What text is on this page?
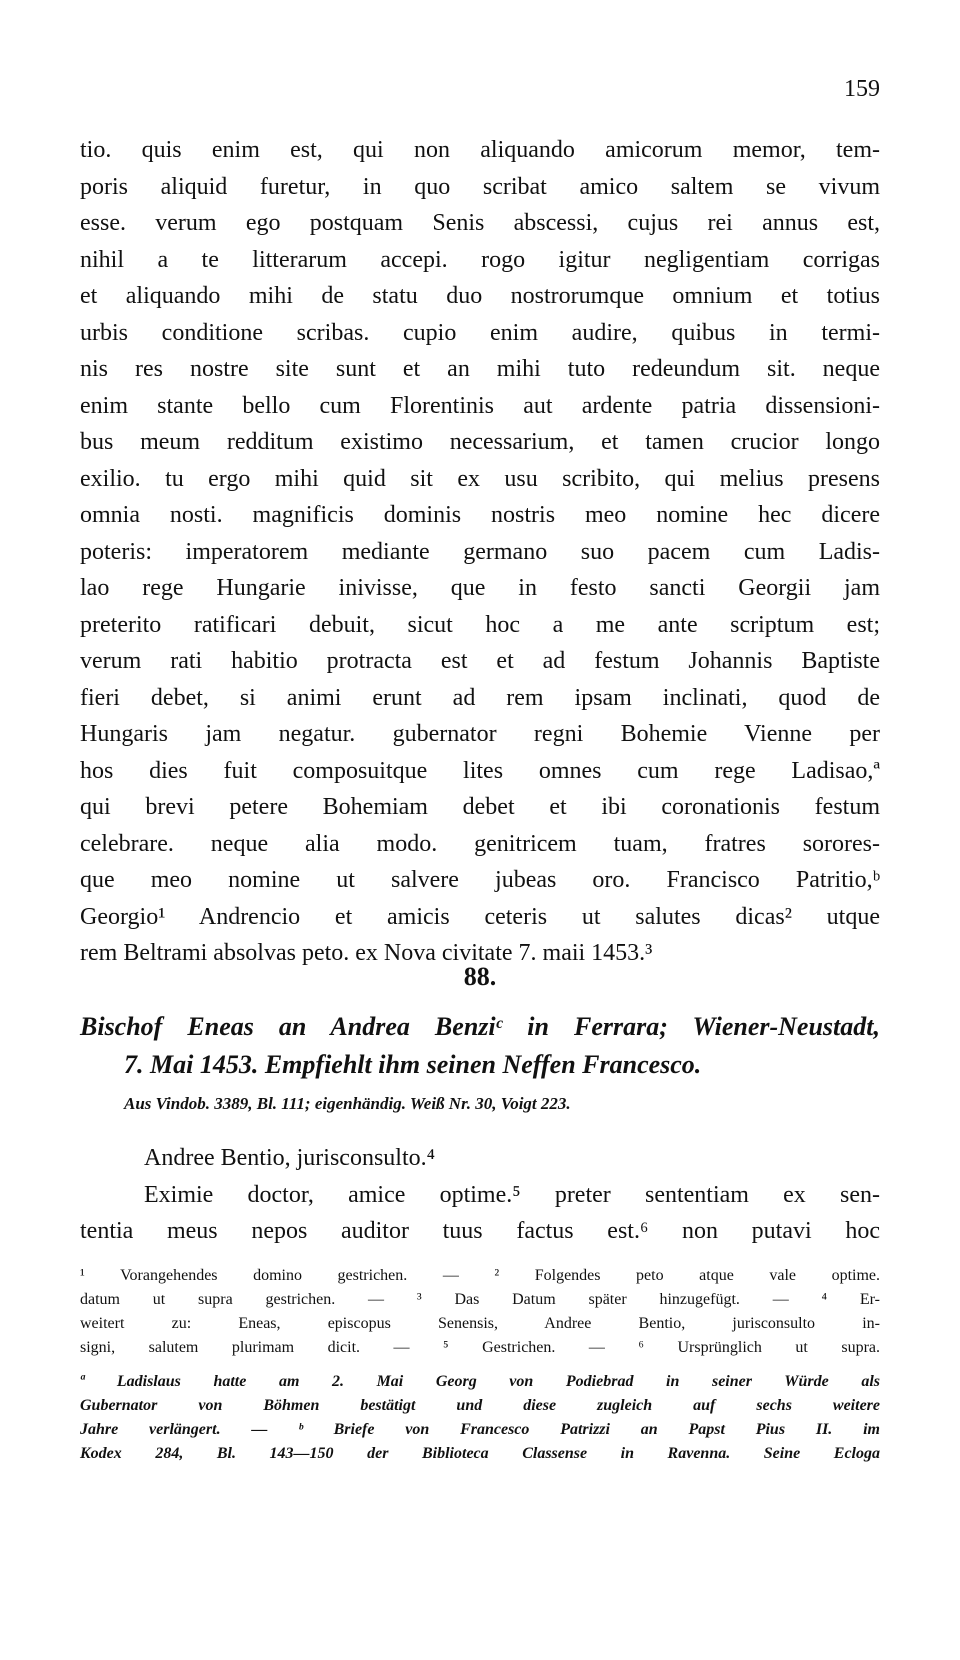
159
tio. quis enim est, qui non aliquando amicorum memor, tem-
poris aliquid furetur, in quo scribat amico saltem se vivum
esse. verum ego postquam Senis abscessi, cujus rei annus est,
nihil a te litterarum accepi. rogo igitur negligentiam corrigas
et aliquando mihi de statu duo nostrorumque omnium et totius
urbis conditione scribas. cupio enim audire, quibus in termi-
nis res nostre site sunt et an mihi tuto redeundum sit. neque
enim stante bello cum Florentinis aut ardente patria dissensioni-
bus meum redditum existimo necessarium, et tamen crucior longo
exilio. tu ergo mihi quid sit ex usu scribito, qui melius presens
omnia nosti. magnificis dominis nostris meo nomine hec dicere
poteris: imperatorem mediante germano suo pacem cum Ladis-
lao rege Hungarie inivisse, que in festo sancti Georgii jam
preterito ratificari debuit, sicut hoc a me ante scriptum est;
verum rati habitio protracta est et ad festum Johannis Baptiste
fieri debet, si animi erunt ad rem ipsam inclinati, quod de
Hungaris jam negatur. gubernator regni Bohemie Vienne per
hos dies fuit composuitque lites omnes cum rege Ladisao,ª
qui brevi petere Bohemiam debet et ibi coronationis festum
celebrare. neque alia modo. genitricem tuam, fratres sorores-
que meo nomine ut salvere jubeas oro. Francisco Patritio,ᵇ
Georgio¹ Andrencio et amicis ceteris ut salutes dicas² utque
rem Beltrami absolvas peto. ex Nova civitate 7. maii 1453.³
88.
Bischof Eneas an Andrea Benziᶜ in Ferrara; Wiener-Neustadt,
7. Mai 1453. Empfiehlt ihm seinen Neffen Francesco.
Aus Vindob. 3389, Bl. 111; eigenhändig. Weiß Nr. 30, Voigt 223.
Andree Bentio, jurisconsulto.⁴
Eximie doctor, amice optime.⁵ preter sententiam ex sen-
tentia meus nepos auditor tuus factus est.⁶ non putavi hoc
¹ Vorangehendes domino gestrichen. — ² Folgendes peto atque vale optime.
datum ut supra gestrichen. — ³ Das Datum später hinzugefügt. — ⁴ Er-
weitert zu: Eneas, episcopus Senensis, Andree Bentio, jurisconsulto in-
signi, salutem plurimam dicit. — ⁵ Gestrichen. — ⁶ Ursprünglich ut supra.
ª Ladislaus hatte am 2. Mai Georg von Podiebrad in seiner Würde als
Gubernator von Böhmen bestätigt und diese zugleich auf sechs weitere
Jahre verlängert. — ᵇ Briefe von Francesco Patrizzi an Papst Pius II. im
Kodex 284, Bl. 143—150 der Biblioteca Classense in Ravenna. Seine Ecloga
